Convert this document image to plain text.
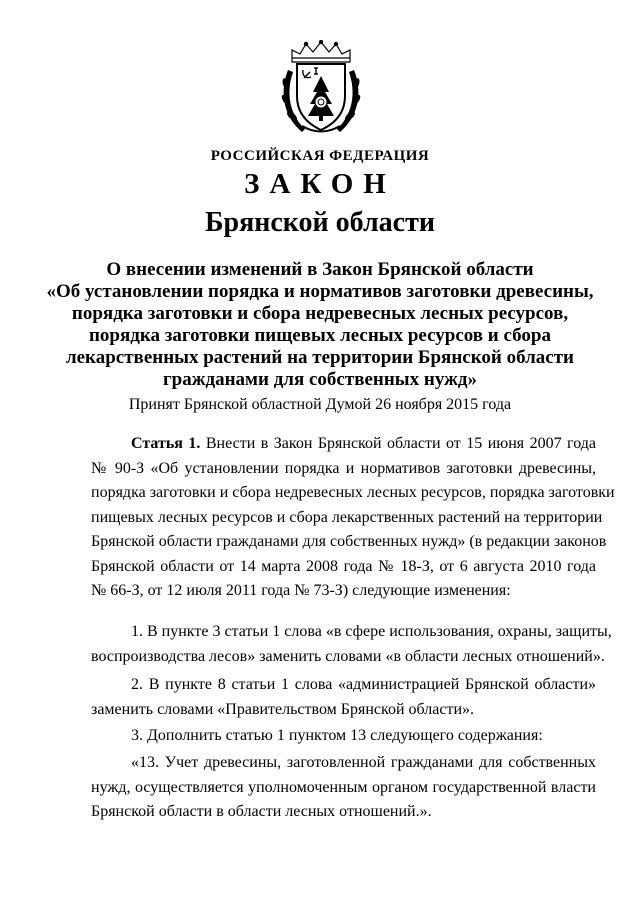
РОССИЙСКАЯ ФЕДЕРАЦИЯ
ЗАКОН
Брянской области
О внесении изменений в Закон Брянской области
«Об установлении порядка и нормативов заготовки древесины,
порядка заготовки и сбора недревесных лесных ресурсов,
порядка заготовки пищевых лесных ресурсов и сбора
лекарственных растений на территории Брянской области
гражданами для собственных нужд»
Принят Брянской областной Думой 26 ноября 2015 года
Статья 1. Внести в Закон Брянской области от 15 июня 2007 года
№ 90-З «Об установлении порядка и нормативов заготовки древесины,
порядка заготовки и сбора недревесных лесных ресурсов, порядка заготовки
пищевых лесных ресурсов и сбора лекарственных растений на территории
Брянской области гражданами для собственных нужд» (в редакции законов
Брянской области от 14 марта 2008 года № 18-З, от 6 августа 2010 года
№ 66-З, от 12 июля 2011 года № 73-З) следующие изменения:
1. В пункте 3 статьи 1 слова «в сфере использования, охраны, защиты,
воспроизводства лесов» заменить словами «в области лесных отношений».
2. В пункте 8 статьи 1 слова «администрацией Брянской области»
заменить словами «Правительством Брянской области».
3. Дополнить статью 1 пунктом 13 следующего содержания:
«13. Учет древесины, заготовленной гражданами для собственных
нужд, осуществляется уполномоченным органом государственной власти
Брянской области в области лесных отношений.».
